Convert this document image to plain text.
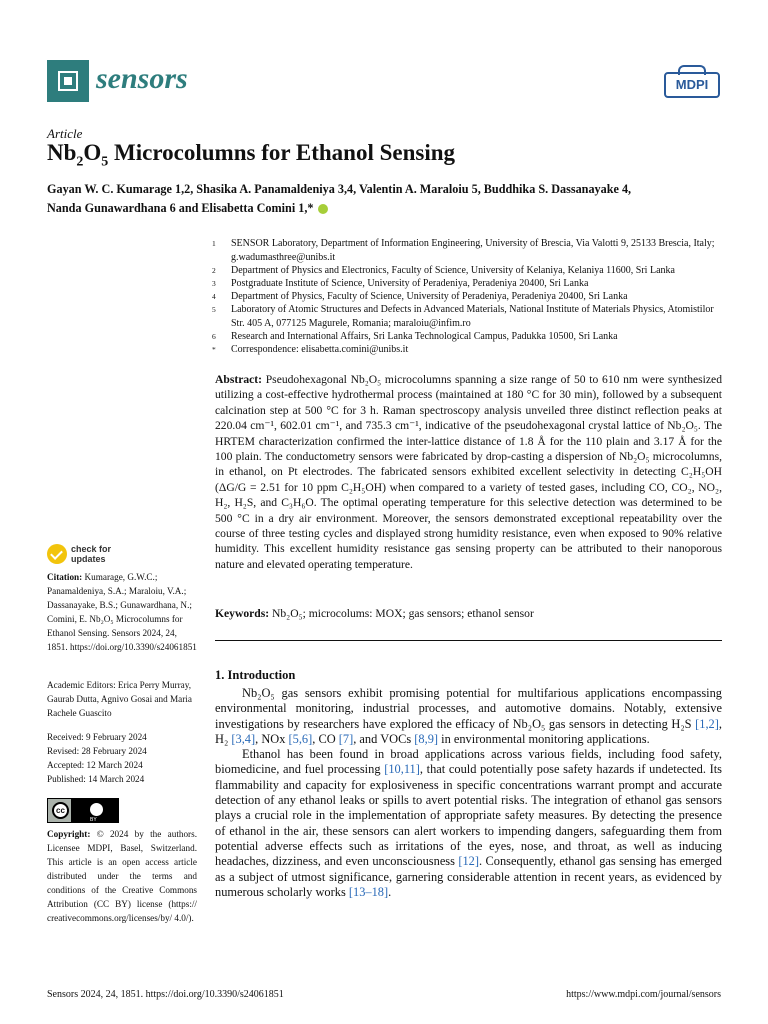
sensors	MDPI
Article
$Nb_2O_5$ Microcolumns for Ethanol Sensing
Gayan W. C. Kumarage 1,2, Shasika A. Panamaldeniya 3,4, Valentin A. Maraloiu 5, Buddhika S. Dassanayake 4,
Nanda Gunawardhana 6 and Elisabetta Comini 1,*
1 SENSOR Laboratory, Department of Information Engineering, University of Brescia, Via Valotti 9, 25133 Brescia, Italy; g.wadumasthree@unibs.it
2 Department of Physics and Electronics, Faculty of Science, University of Kelaniya, Kelaniya 11600, Sri Lanka
3 Postgraduate Institute of Science, University of Peradeniya, Peradeniya 20400, Sri Lanka
4 Department of Physics, Faculty of Science, University of Peradeniya, Peradeniya 20400, Sri Lanka
5 Laboratory of Atomic Structures and Defects in Advanced Materials, National Institute of Materials Physics, Atomistilor Str. 405 A, 077125 Magurele, Romania; maraloiu@infim.ro
6 Research and International Affairs, Sri Lanka Technological Campus, Padukka 10500, Sri Lanka
* Correspondence: elisabetta.comini@unibs.it
Abstract: Pseudohexagonal Nb₂O₅ microcolumns spanning a size range of 50 to 610 nm were synthesized utilizing a cost-effective hydrothermal process (maintained at 180 °C for 30 min), followed by a subsequent calcination step at 500 °C for 3 h. Raman spectroscopy analysis unveiled three distinct reflection peaks at 220.04 cm⁻¹, 602.01 cm⁻¹, and 735.3 cm⁻¹, indicative of the pseudohexagonal crystal lattice of Nb₂O₅. The HRTEM characterization confirmed the inter-lattice distance of 1.8 Å for the 110 plain and 3.17 Å for the 100 plain. The conductometry sensors were fabricated by drop-casting a dispersion of Nb₂O₅ microcolumns, in ethanol, on Pt electrodes. The fabricated sensors exhibited excellent selectivity in detecting C₂H₅OH (ΔG/G = 2.51 for 10 ppm C₂H₅OH) when compared to a variety of tested gases, including CO, CO₂, NO₂, H₂, H₂S, and C₃H₆O. The optimal operating temperature for this selective detection was determined to be 500 °C in a dry air environment. Moreover, the sensors demonstrated exceptional repeatability over the course of three testing cycles and displayed strong humidity resistance, even when exposed to 90% relative humidity. This excellent humidity resistance gas sensing property can be attributed to their nanoporous nature and elevated operating temperature.
Keywords: Nb₂O₅; microcolums: MOX; gas sensors; ethanol sensor
check for
updates
Citation: Kumarage, G.W.C.; Panamaldeniya, S.A.; Maraloiu, V.A.; Dassanayake, B.S.; Gunawardhana, N.; Comini, E. Nb₂O₅ Microcolumns for Ethanol Sensing. Sensors 2024, 24, 1851. https://doi.org/10.3390/s24061851
Academic Editors: Erica Perry Murray, Gaurab Dutta, Agnivo Gosai and Maria Rachele Guascito
Received: 9 February 2024
Revised: 28 February 2024
Accepted: 12 March 2024
Published: 14 March 2024
cc
BY
Copyright: © 2024 by the authors. Licensee MDPI, Basel, Switzerland. This article is an open access article distributed under the terms and conditions of the Creative Commons Attribution (CC BY) license (https:// creativecommons.org/licenses/by/ 4.0/).
1. Introduction

Nb₂O₅ gas sensors exhibit promising potential for multifarious applications encompassing environmental monitoring, industrial processes, and automotive domains. Notably, extensive investigations by researchers have explored the efficacy of Nb₂O₅ gas sensors in detecting H₂S [1,2], H₂ [3,4], NOx [5,6], CO [7], and VOCs [8,9] in environmental monitoring applications.

Ethanol has been found in broad applications across various fields, including food safety, biomedicine, and fuel processing [10,11], that could potentially pose safety hazards if undetected. Its flammability and capacity for explosiveness in specific concentrations warrant prompt and accurate detection of any ethanol leaks or spills to avert potential risks. The integration of ethanol gas sensors plays a crucial role in the implementation of appropriate safety measures. By detecting the presence of ethanol in the air, these sensors can alert workers to impending dangers, safeguarding them from potential adverse effects such as irritations of the eyes, nose, and throat, as well as inducing headaches, dizziness, and even unconsciousness [12]. Consequently, ethanol gas sensing has emerged as a subject of utmost significance, garnering considerable attention in recent years, as evidenced by numerous scholarly works [13–18].

Sensors 2024, 24, 1851. https://doi.org/10.3390/s24061851	https://www.mdpi.com/journal/sensors
